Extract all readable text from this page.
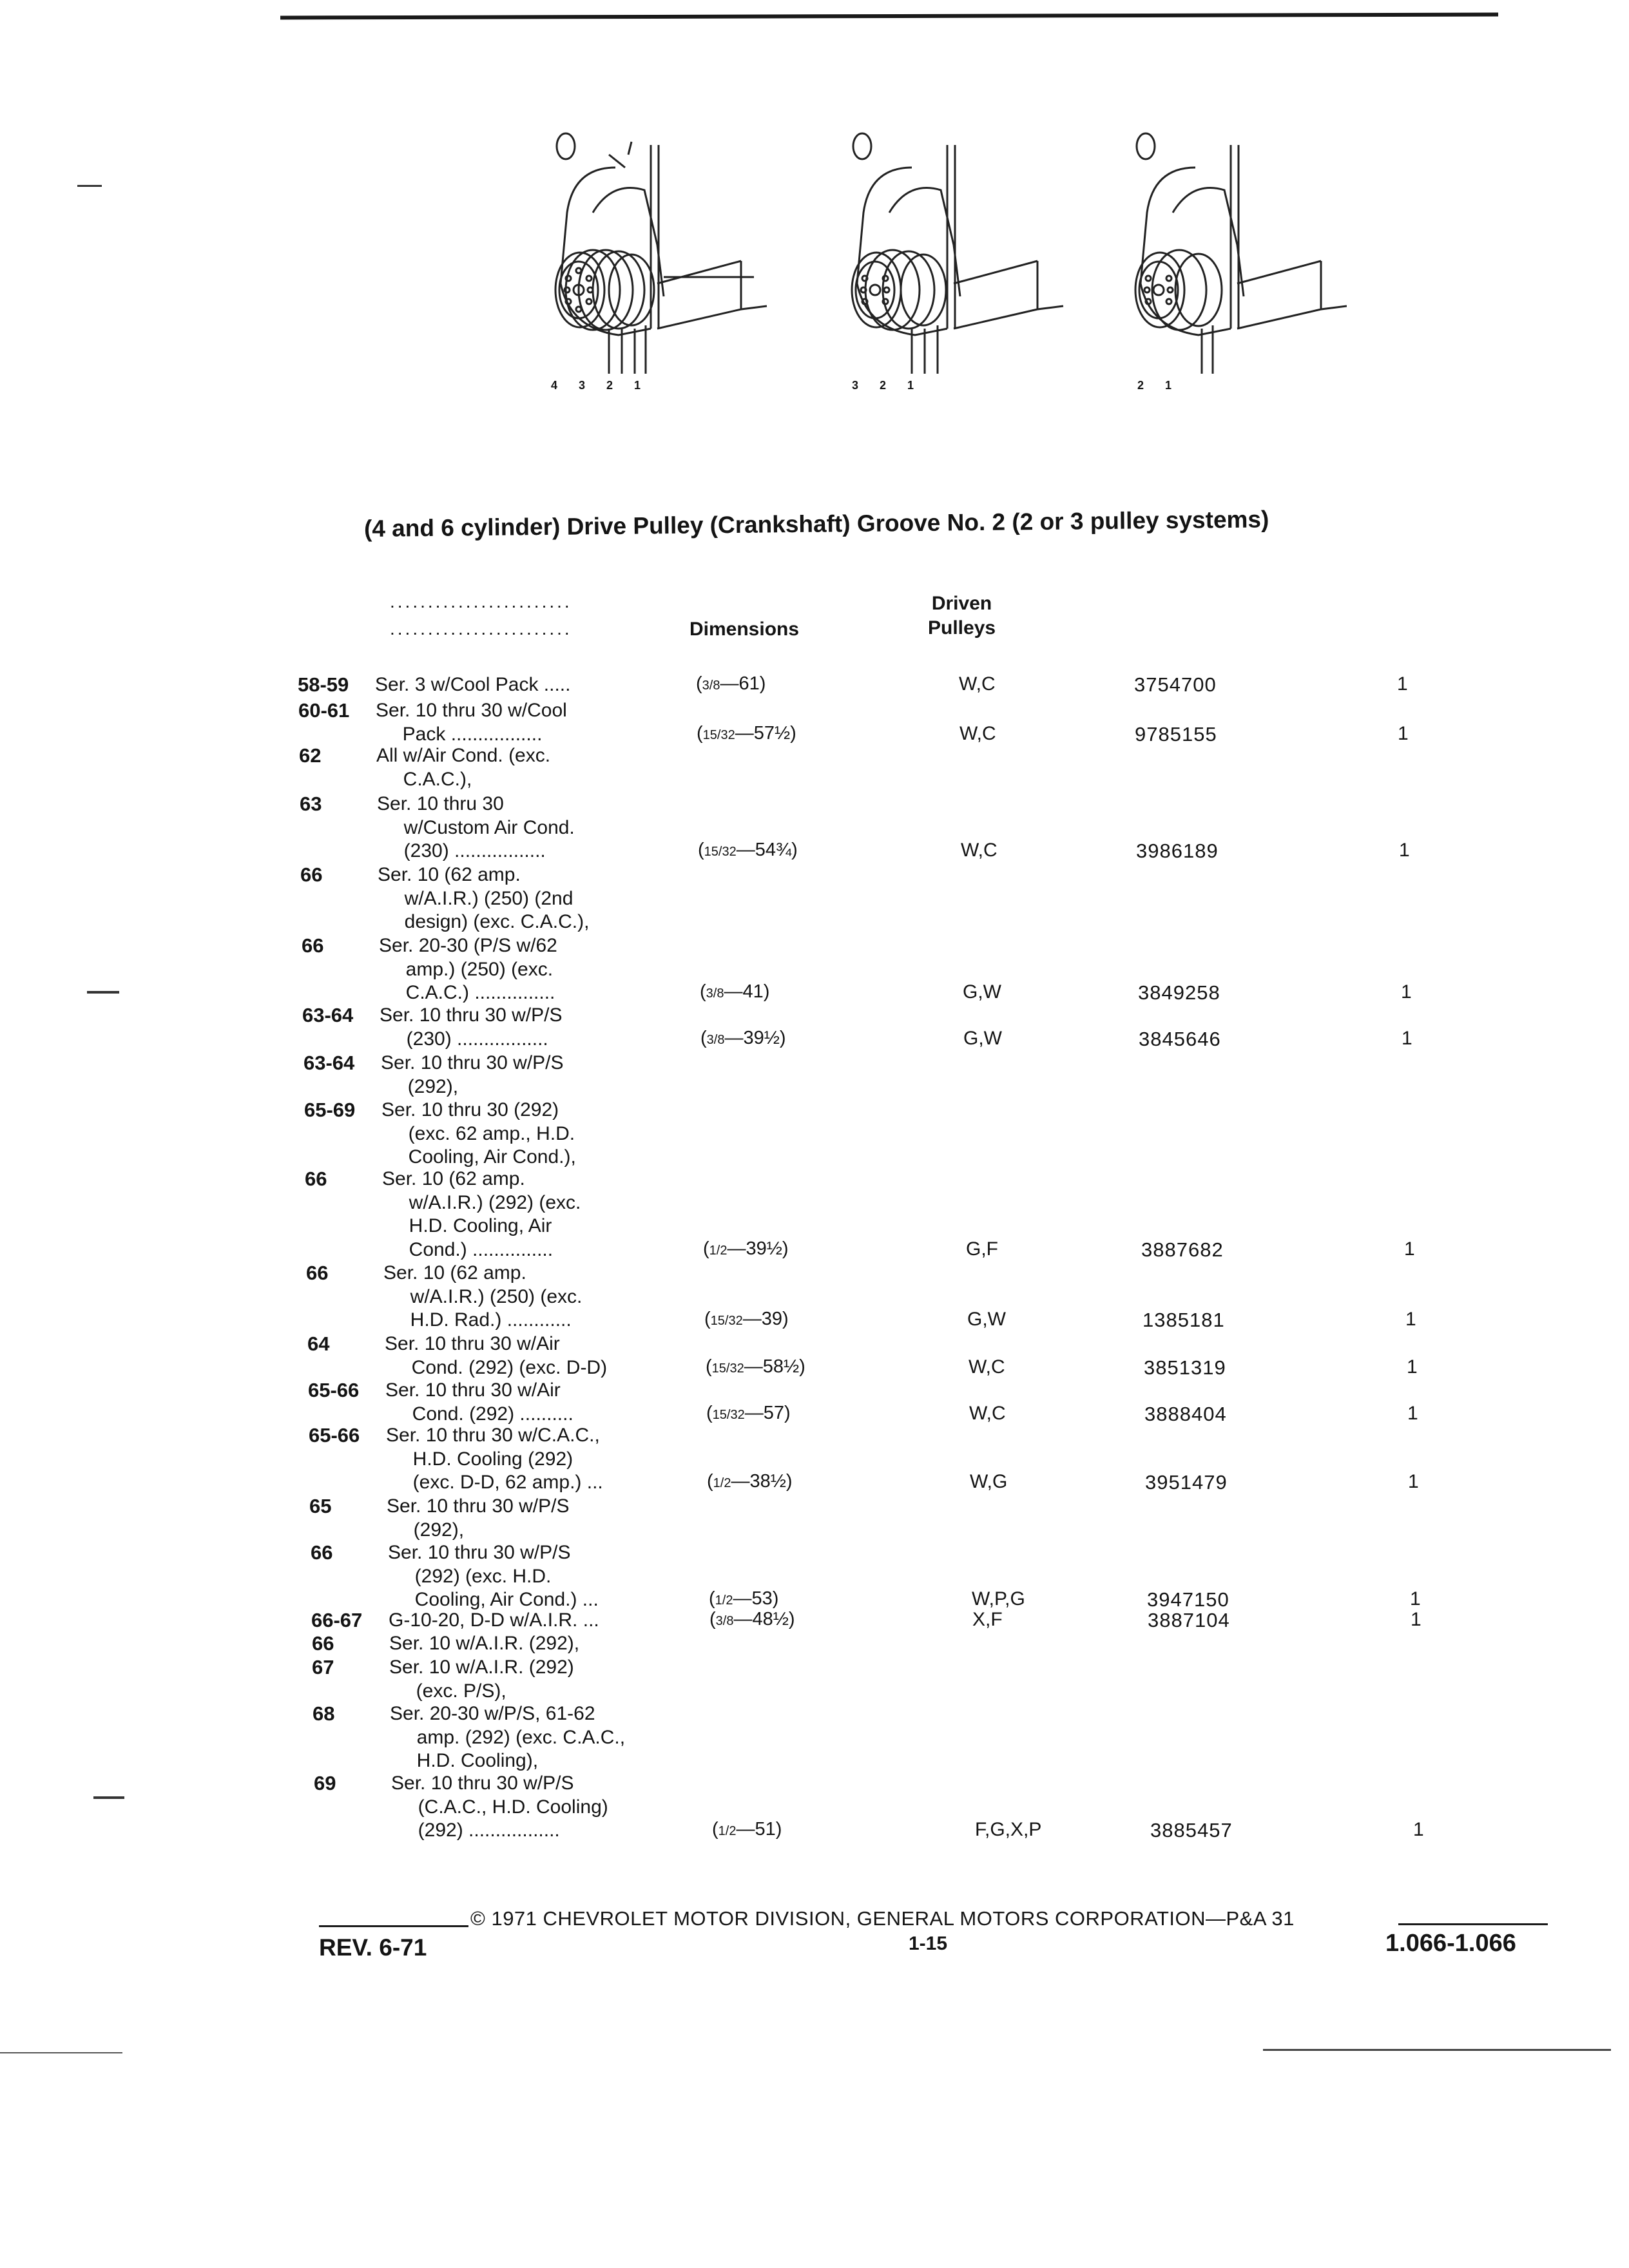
4 3 2 1	3 2 1	2 1
(4 and 6 cylinder) Drive Pulley (Crankshaft) Groove No. 2 (2 or 3 pulley systems)
........................
........................	Dimensions
Driven
Pulleys
58-59 Ser. 3 w/Cool Pack .....	(3/8—61)	W,C	3754700	1
60-61 Ser. 10 thru 30 w/Cool
Pack .................	(15/32—57½)	W,C	9785155	1
62	All w/Air Cond. (exc.
C.A.C.),
63	Ser. 10 thru 30
w/Custom Air Cond.
(230) .................	(15/32—54¾)	W,C	3986189	1
66	Ser. 10 (62 amp.
w/A.I.R.) (250) (2nd
design) (exc. C.A.C.),
66	Ser. 20-30 (P/S w/62
amp.) (250) (exc.
C.A.C.) ...............	(3/8—41)	G,W	3849258	1
63-64 Ser. 10 thru 30 w/P/S
(230) .................	(3/8—39½)	G,W	3845646	1
63-64 Ser. 10 thru 30 w/P/S
(292),
65-69 Ser. 10 thru 30 (292)
(exc. 62 amp., H.D.
Cooling, Air Cond.),
66	Ser. 10 (62 amp.
w/A.I.R.) (292) (exc.
H.D. Cooling, Air
Cond.) ...............	(1/2—39½)	G,F	3887682	1
66	Ser. 10 (62 amp.
w/A.I.R.) (250) (exc.
H.D. Rad.) ............	(15/32—39)	G,W	1385181	1
64	Ser. 10 thru 30 w/Air
Cond. (292) (exc. D-D)	(15/32—58½)	W,C	3851319	1
65-66 Ser. 10 thru 30 w/Air
Cond. (292) ..........	(15/32—57)	W,C	3888404	1
65-66 Ser. 10 thru 30 w/C.A.C.,
H.D. Cooling (292)
(exc. D-D, 62 amp.) ...	(1/2—38½)	W,G	3951479	1
65	Ser. 10 thru 30 w/P/S
(292),
66	Ser. 10 thru 30 w/P/S
(292) (exc. H.D.
Cooling, Air Cond.) ...	(1/2—53)	W,P,G	3947150	1
66-67 G-10-20, D-D w/A.I.R. ...	(3/8—48½)	X,F	3887104	1
66	Ser. 10 w/A.I.R. (292),
67	Ser. 10 w/A.I.R. (292)
(exc. P/S),
68	Ser. 20-30 w/P/S, 61-62
amp. (292) (exc. C.A.C.,
H.D. Cooling),
69	Ser. 10 thru 30 w/P/S
(C.A.C., H.D. Cooling)
(292) .................	(1/2—51)	F,G,X,P	3885457	1
© 1971 CHEVROLET MOTOR DIVISION, GENERAL MOTORS CORPORATION—P&A 31
REV. 6-71	1-15	1.066-1.066
